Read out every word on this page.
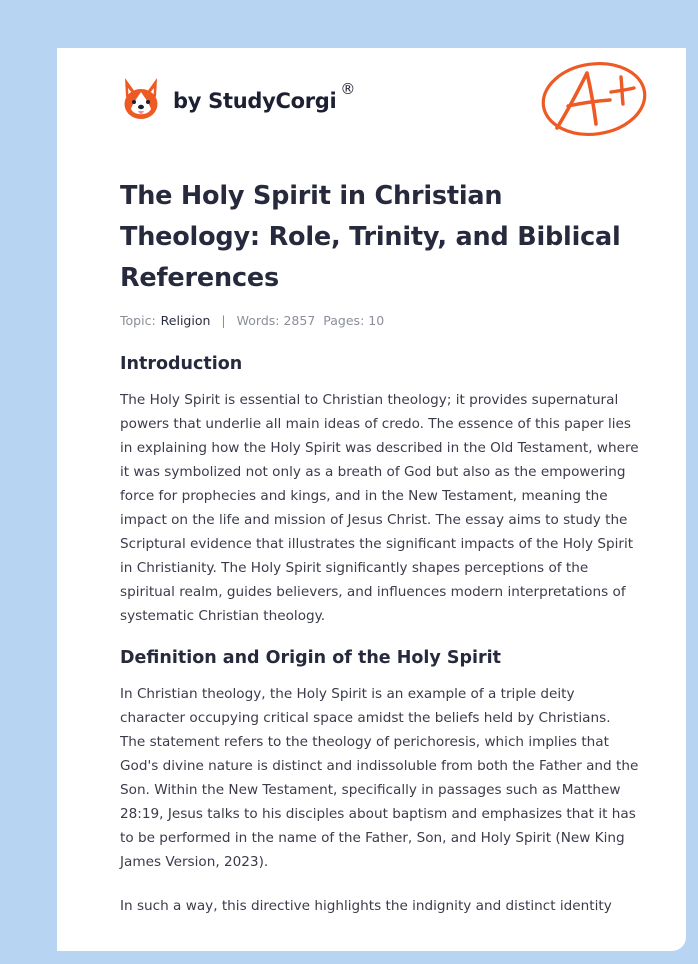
by StudyCorgi ®
The Holy Spirit in Christian Theology: Role, Trinity, and Biblical References
Topic: Religion | Words: 2857 Pages: 10
Introduction

The Holy Spirit is essential to Christian theology; it provides supernatural powers that underlie all main ideas of credo. The essence of this paper lies in explaining how the Holy Spirit was described in the Old Testament, where it was symbolized not only as a breath of God but also as the empowering force for prophecies and kings, and in the New Testament, meaning the impact on the life and mission of Jesus Christ. The essay aims to study the Scriptural evidence that illustrates the significant impacts of the Holy Spirit in Christianity. The Holy Spirit significantly shapes perceptions of the spiritual realm, guides believers, and influences modern interpretations of systematic Christian theology.

Definition and Origin of the Holy Spirit

In Christian theology, the Holy Spirit is an example of a triple deity character occupying critical space amidst the beliefs held by Christians. The statement refers to the theology of perichoresis, which implies that God's divine nature is distinct and indissoluble from both the Father and the Son. Within the New Testament, specifically in passages such as Matthew 28:19, Jesus talks to his disciples about baptism and emphasizes that it has to be performed in the name of the Father, Son, and Holy Spirit (New King James Version, 2023).

In such a way, this directive highlights the indignity and distinct identity
